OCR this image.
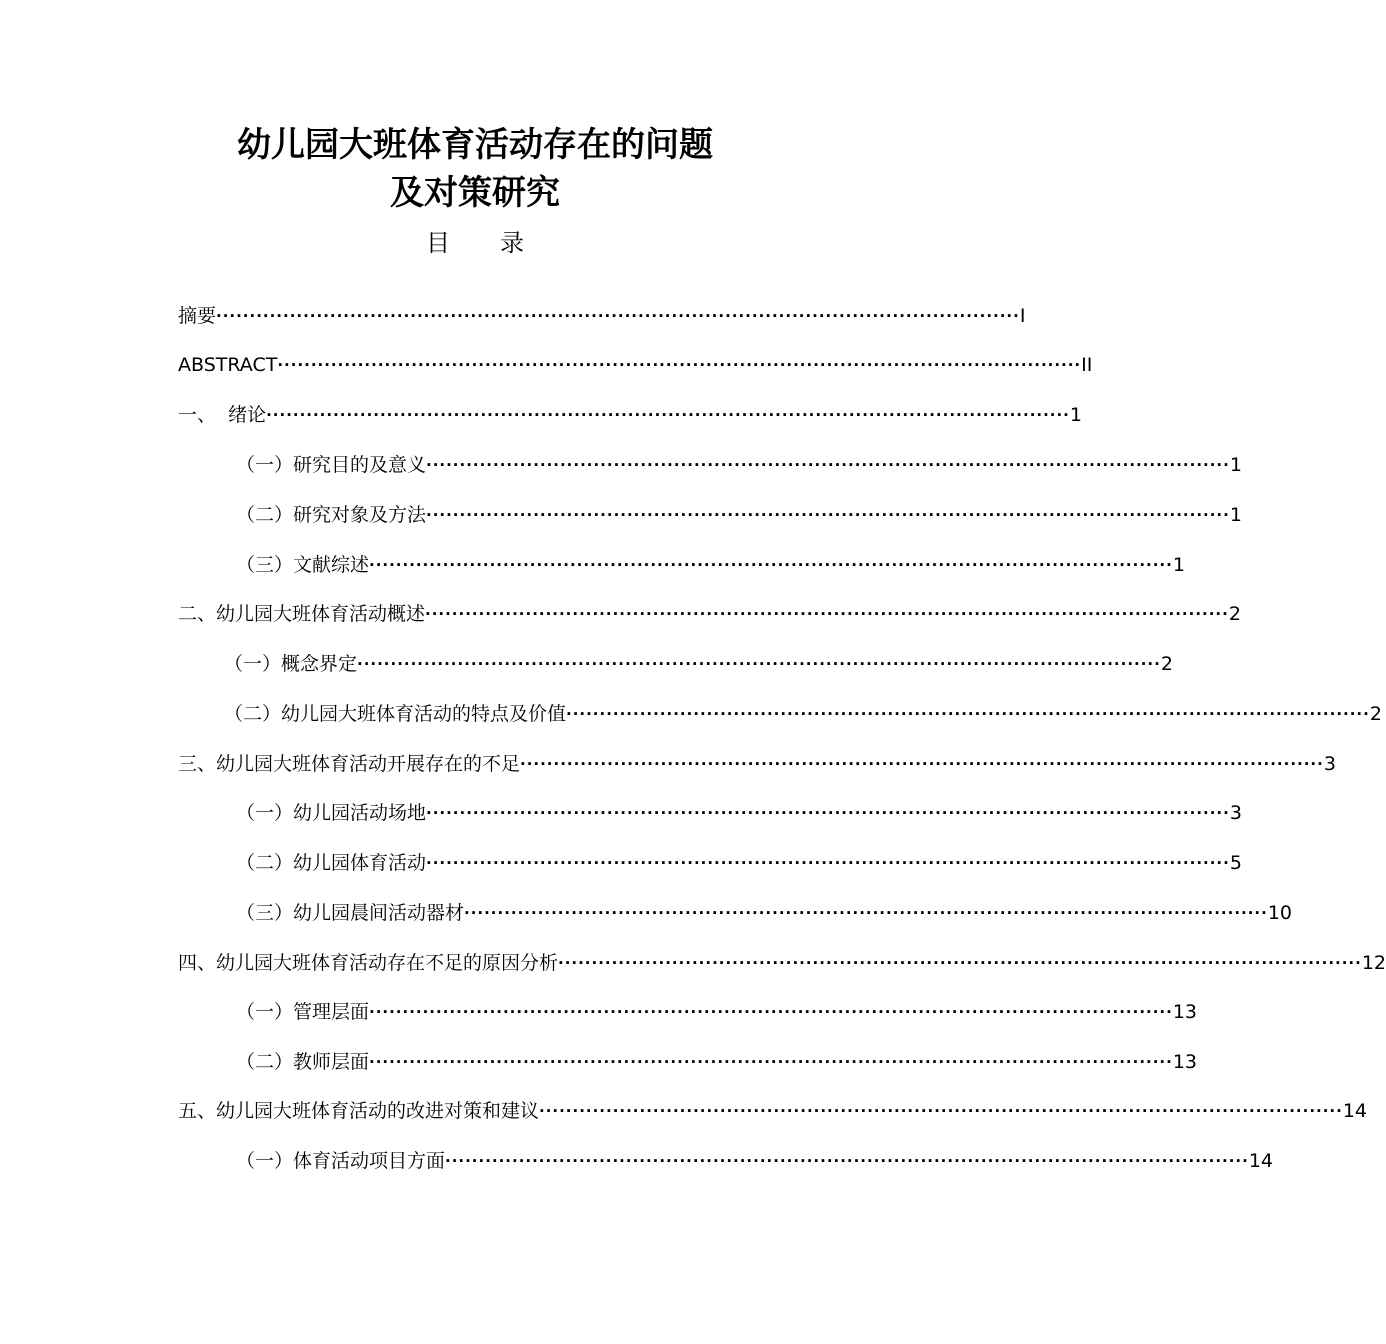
幼儿园大班体育活动存在的问题
及对策研究
目 录
摘要 ························································································································ I
ABSTRACT ························································································································ II
一、  绪论 ························································································································ 1
（一）研究目的及意义 ························································································································ 1
（二）研究对象及方法 ························································································································ 1
（三）文献综述 ························································································································ 1
二、幼儿园大班体育活动概述 ························································································································ 2
（一）概念界定 ························································································································ 2
（二）幼儿园大班体育活动的特点及价值 ························································································································ 2
三、幼儿园大班体育活动开展存在的不足 ························································································································ 3
（一）幼儿园活动场地 ························································································································ 3
（二）幼儿园体育活动 ························································································································ 5
（三）幼儿园晨间活动器材 ························································································································ 10
四、幼儿园大班体育活动存在不足的原因分析 ························································································································ 12
（一）管理层面 ························································································································ 13
（二）教师层面 ························································································································ 13
五、幼儿园大班体育活动的改进对策和建议 ························································································································ 14
（一）体育活动项目方面 ························································································································ 14
